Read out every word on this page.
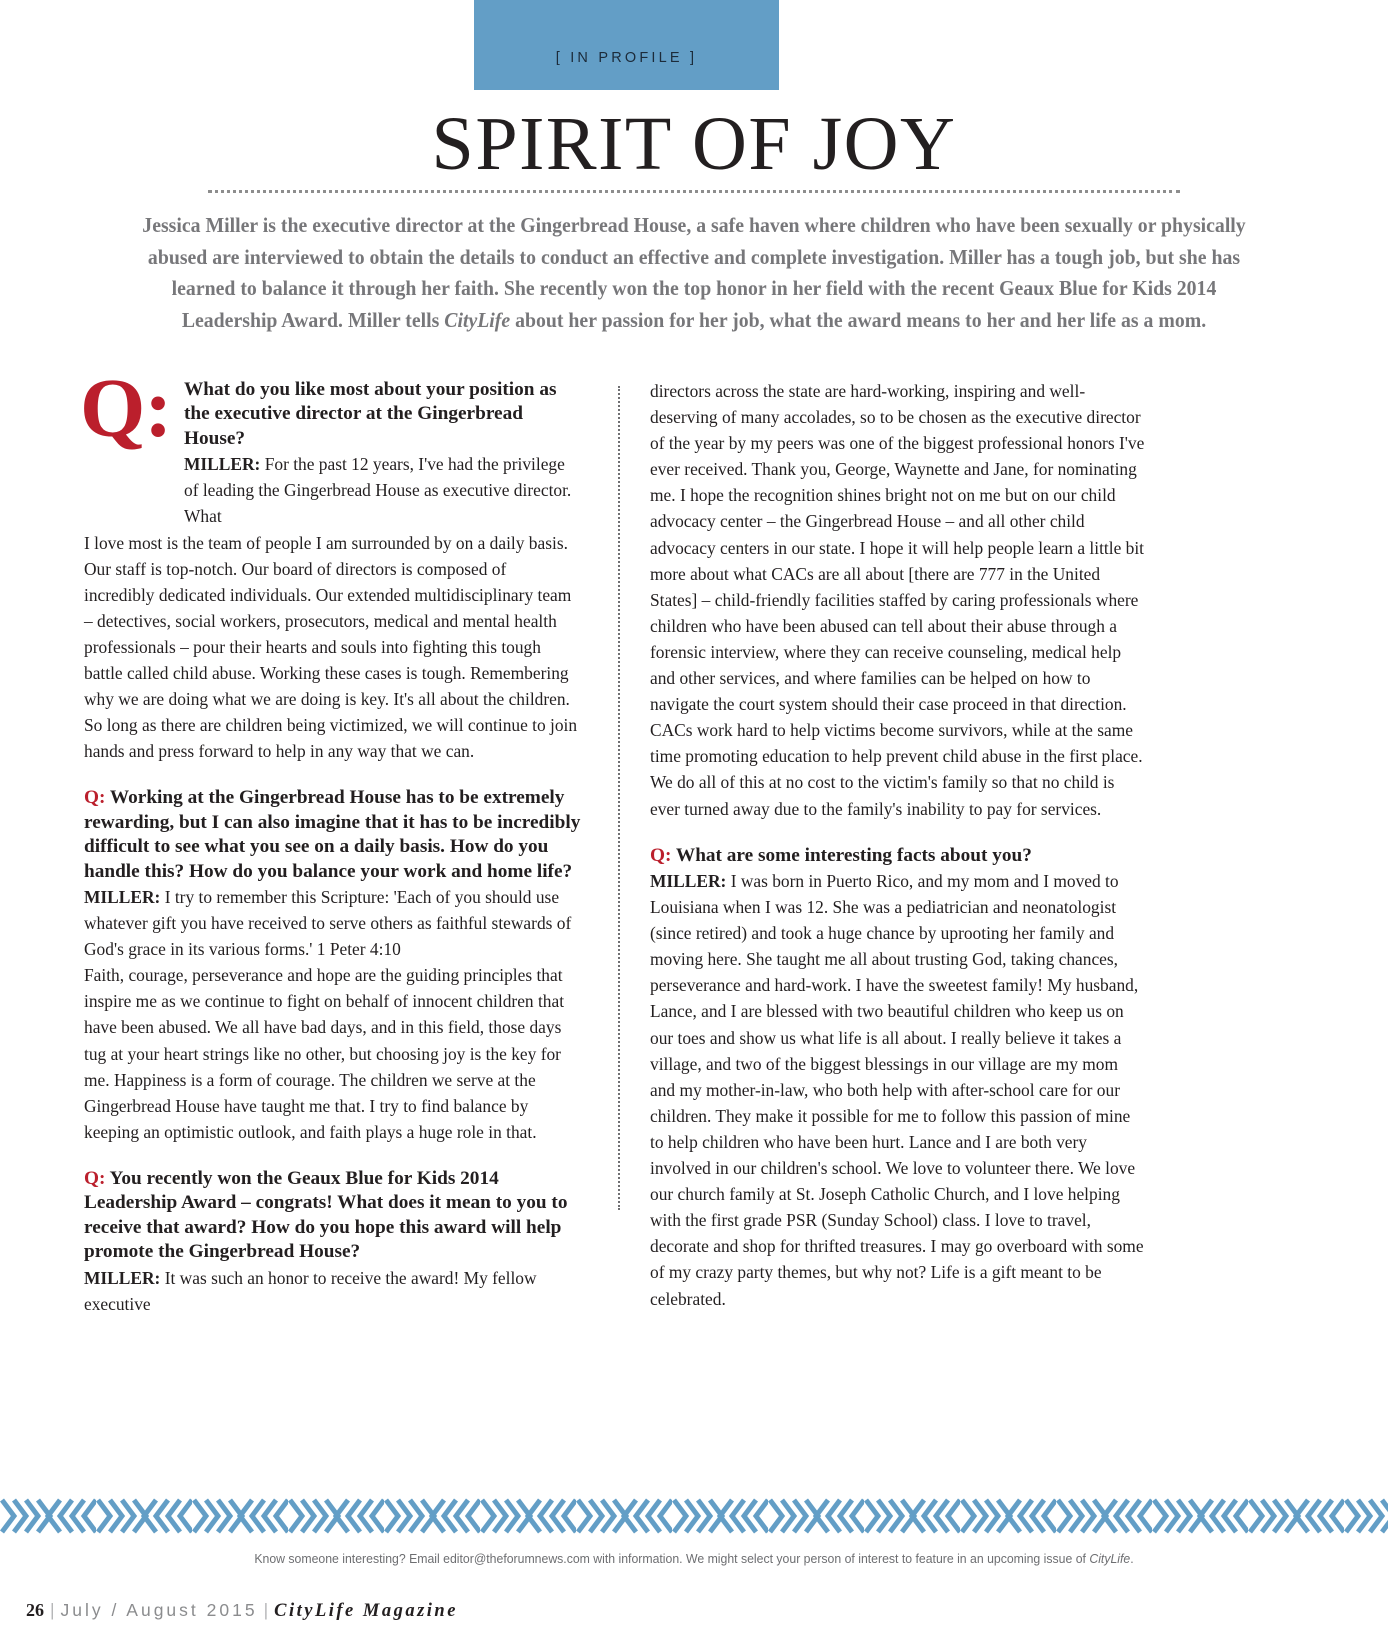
[ IN PROFILE ]
SPIRIT OF JOY
Jessica Miller is the executive director at the Gingerbread House, a safe haven where children who have been sexually or physically abused are interviewed to obtain the details to conduct an effective and complete investigation. Miller has a tough job, but she has learned to balance it through her faith. She recently won the top honor in her field with the recent Geaux Blue for Kids 2014 Leadership Award. Miller tells CityLife about her passion for her job, what the award means to her and her life as a mom.
Q: What do you like most about your position as the executive director at the Gingerbread House?
MILLER: For the past 12 years, I've had the privilege of leading the Gingerbread House as executive director. What
I love most is the team of people I am surrounded by on a daily basis. Our staff is top-notch. Our board of directors is composed of incredibly dedicated individuals. Our extended multidisciplinary team – detectives, social workers, prosecutors, medical and mental health professionals – pour their hearts and souls into fighting this tough battle called child abuse. Working these cases is tough. Remembering why we are doing what we are doing is key. It's all about the children. So long as there are children being victimized, we will continue to join hands and press forward to help in any way that we can.
Q: Working at the Gingerbread House has to be extremely rewarding, but I can also imagine that it has to be incredibly difficult to see what you see on a daily basis. How do you handle this? How do you balance your work and home life?
MILLER: I try to remember this Scripture: 'Each of you should use whatever gift you have received to serve others as faithful stewards of God's grace in its various forms.' 1 Peter 4:10
Faith, courage, perseverance and hope are the guiding principles that inspire me as we continue to fight on behalf of innocent children that have been abused. We all have bad days, and in this field, those days tug at your heart strings like no other, but choosing joy is the key for me. Happiness is a form of courage. The children we serve at the Gingerbread House have taught me that. I try to find balance by keeping an optimistic outlook, and faith plays a huge role in that.
Q: You recently won the Geaux Blue for Kids 2014 Leadership Award – congrats! What does it mean to you to receive that award? How do you hope this award will help promote the Gingerbread House?
MILLER: It was such an honor to receive the award! My fellow executive
directors across the state are hard-working, inspiring and well-deserving of many accolades, so to be chosen as the executive director of the year by my peers was one of the biggest professional honors I've ever received. Thank you, George, Waynette and Jane, for nominating me. I hope the recognition shines bright not on me but on our child advocacy center – the Gingerbread House – and all other child advocacy centers in our state. I hope it will help people learn a little bit more about what CACs are all about [there are 777 in the United States] – child-friendly facilities staffed by caring professionals where children who have been abused can tell about their abuse through a forensic interview, where they can receive counseling, medical help and other services, and where families can be helped on how to navigate the court system should their case proceed in that direction. CACs work hard to help victims become survivors, while at the same time promoting education to help prevent child abuse in the first place. We do all of this at no cost to the victim's family so that no child is ever turned away due to the family's inability to pay for services.
Q: What are some interesting facts about you?
MILLER: I was born in Puerto Rico, and my mom and I moved to Louisiana when I was 12. She was a pediatrician and neonatologist (since retired) and took a huge chance by uprooting her family and moving here. She taught me all about trusting God, taking chances, perseverance and hard-work. I have the sweetest family! My husband, Lance, and I are blessed with two beautiful children who keep us on our toes and show us what life is all about. I really believe it takes a village, and two of the biggest blessings in our village are my mom and my mother-in-law, who both help with after-school care for our children. They make it possible for me to follow this passion of mine to help children who have been hurt. Lance and I are both very involved in our children's school. We love to volunteer there. We love our church family at St. Joseph Catholic Church, and I love helping with the first grade PSR (Sunday School) class. I love to travel, decorate and shop for thrifted treasures. I may go overboard with some of my crazy party themes, but why not? Life is a gift meant to be celebrated.
Know someone interesting? Email editor@theforumnews.com with information. We might select your person of interest to feature in an upcoming issue of CityLife.
26 | July / August 2015 | CityLife Magazine
